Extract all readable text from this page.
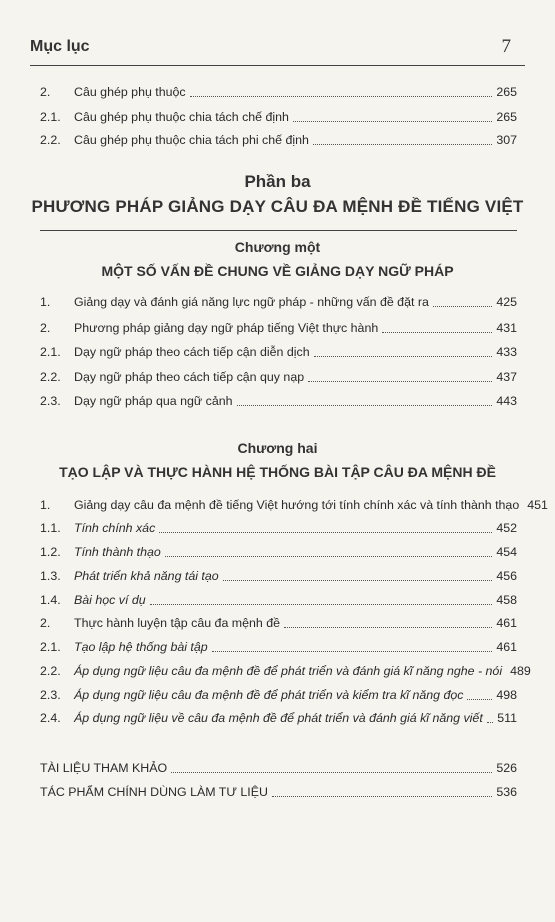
Mục lục	7
2. Câu ghép phụ thuộc	265
2.1. Câu ghép phụ thuộc chia tách chế định	265
2.2. Câu ghép phụ thuộc chia tách phi chế định	307
Phần ba
PHƯƠNG PHÁP GIẢNG DẠY CÂU ĐA MỆNH ĐỀ TIẾNG VIỆT
Chương một
MỘT SỐ VẤN ĐỀ CHUNG VỀ GIẢNG DẠY NGỮ PHÁP
1. Giảng dạy và đánh giá năng lực ngữ pháp - những vấn đề đặt ra	425
2. Phương pháp giảng dạy ngữ pháp tiếng Việt thực hành	431
2.1. Dạy ngữ pháp theo cách tiếp cận diễn dịch	433
2.2. Dạy ngữ pháp theo cách tiếp cận quy nạp	437
2.3. Dạy ngữ pháp qua ngữ cảnh	443
Chương hai
TẠO LẬP VÀ THỰC HÀNH HỆ THỐNG BÀI TẬP CÂU ĐA MỆNH ĐỀ
1. Giảng dạy câu đa mệnh đề tiếng Việt hướng tới tính chính xác và tính thành thạo 451
1.1. Tính chính xác	452
1.2. Tính thành thạo	454
1.3. Phát triển khả năng tái tạo	456
1.4. Bài học ví dụ	458
2. Thực hành luyện tập câu đa mệnh đề	461
2.1. Tạo lập hệ thống bài tập	461
2.2. Áp dụng ngữ liệu câu đa mệnh đề để phát triển và đánh giá kĩ năng nghe - nói 489
2.3. Áp dụng ngữ liệu câu đa mệnh đề để phát triển và kiểm tra kĩ năng đọc	498
2.4. Áp dụng ngữ liệu về câu đa mệnh đề để phát triển và đánh giá kĩ năng viết 511
TÀI LIỆU THAM KHẢO	526
TÁC PHẨM CHÍNH DÙNG LÀM TƯ LIỆU	536
